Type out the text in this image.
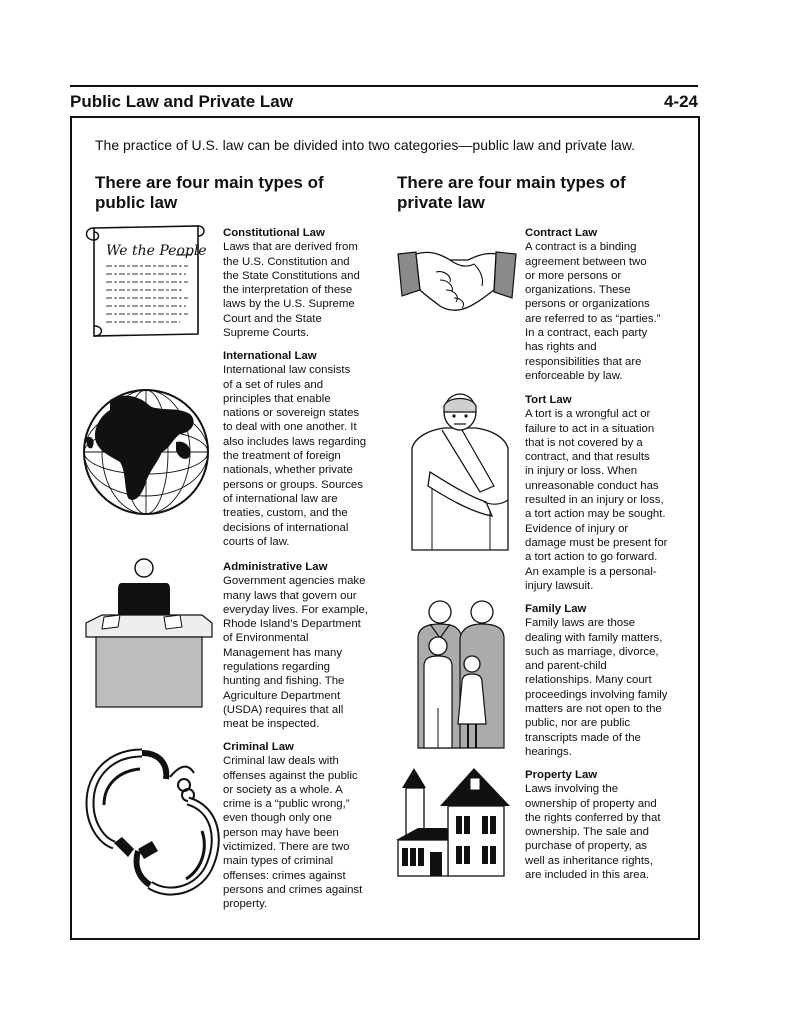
Public Law and Private Law	4-24
The practice of U.S. law can be divided into two categories—public law and private law.
There are four main types of
public law
There are four main types of
private law
Constitutional Law
Laws that are derived from
the U.S. Constitution and
the State Constitutions and
the interpretation of these
laws by the U.S. Supreme
Court and the State
Supreme Courts.
International Law
International law consists
of a set of rules and
principles that enable
nations or sovereign states
to deal with one another. It
also includes laws regarding
the treatment of foreign
nationals, whether private
persons or groups. Sources
of international law are
treaties, custom, and the
decisions of international
courts of law.
Administrative Law
Government agencies make
many laws that govern our
everyday lives. For example,
Rhode Island’s Department
of Environmental
Management has many
regulations regarding
hunting and fishing. The
Agriculture Department
(USDA) requires that all
meat be inspected.
Criminal Law
Criminal law deals with
offenses against the public
or society as a whole. A
crime is a “public wrong,”
even though only one
person may have been
victimized. There are two
main types of criminal
offenses: crimes against
persons and crimes against
property.
Contract Law
A contract is a binding
agreement between two
or more persons or
organizations. These
persons or organizations
are referred to as “parties.”
In a contract, each party
has rights and
responsibilities that are
enforceable by law.
Tort Law
A tort is a wrongful act or
failure to act in a situation
that is not covered by a
contract, and that results
in injury or loss. When
unreasonable conduct has
resulted in an injury or loss,
a tort action may be sought.
Evidence of injury or
damage must be present for
a tort action to go forward.
An example is a personal-
injury lawsuit.
Family Law
Family laws are those
dealing with family matters,
such as marriage, divorce,
and parent-child
relationships. Many court
proceedings involving family
matters are not open to the
public, nor are public
transcripts made of the
hearings.
Property Law
Laws involving the
ownership of property and
the rights conferred by that
ownership. The sale and
purchase of property, as
well as inheritance rights,
are included in this area.
We the People
